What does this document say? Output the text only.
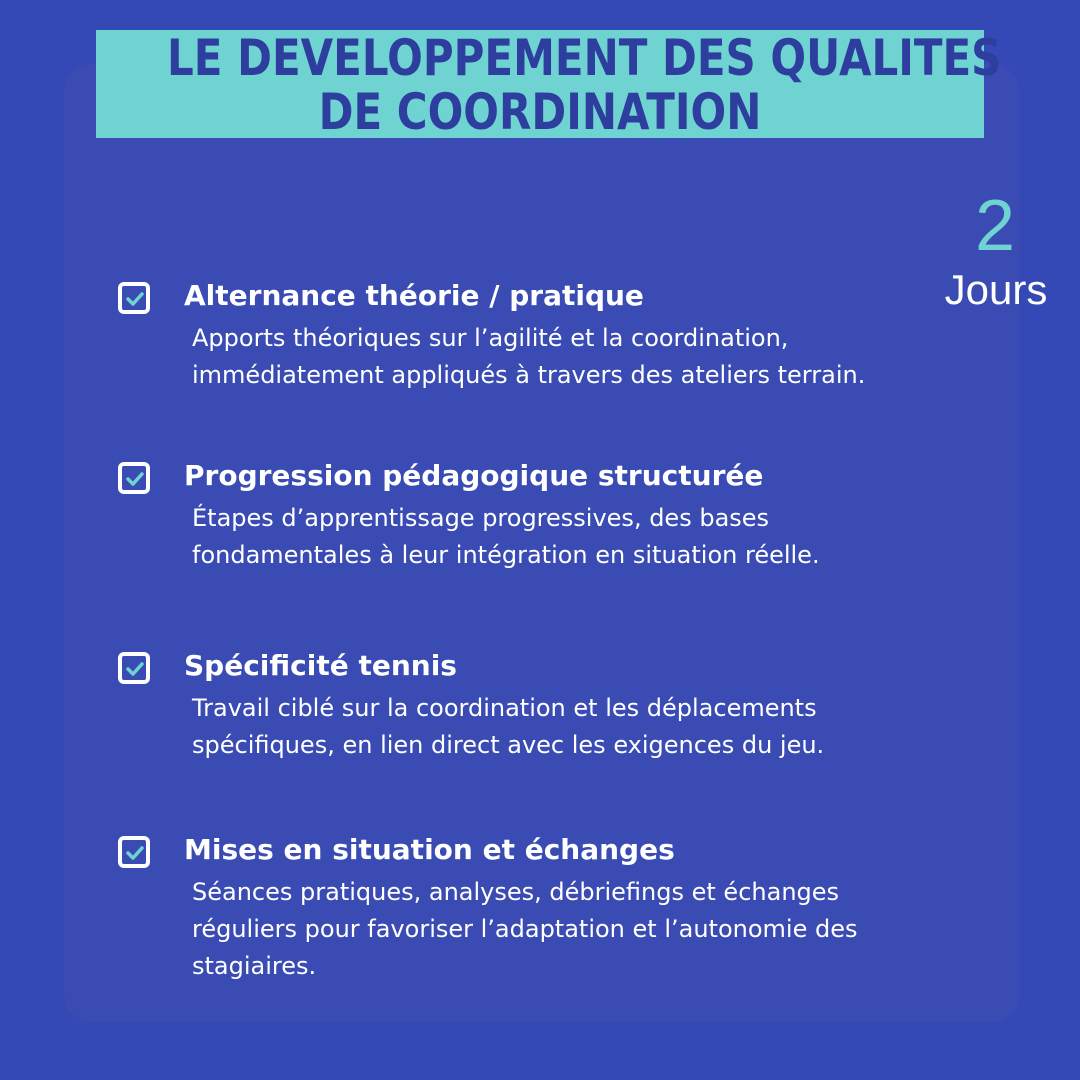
LE DEVELOPPEMENT DES QUALITES
DE COORDINATION
2
Jours
Alternance théorie / pratique
Apports théoriques sur l’agilité et la coordination,
immédiatement appliqués à travers des ateliers terrain.
Progression pédagogique structurée
Étapes d’apprentissage progressives, des bases
fondamentales à leur intégration en situation réelle.
Spécificité tennis
Travail ciblé sur la coordination et les déplacements
spécifiques, en lien direct avec les exigences du jeu.
Mises en situation et échanges
Séances pratiques, analyses, débriefings et échanges
réguliers pour favoriser l’adaptation et l’autonomie des
stagiaires.
